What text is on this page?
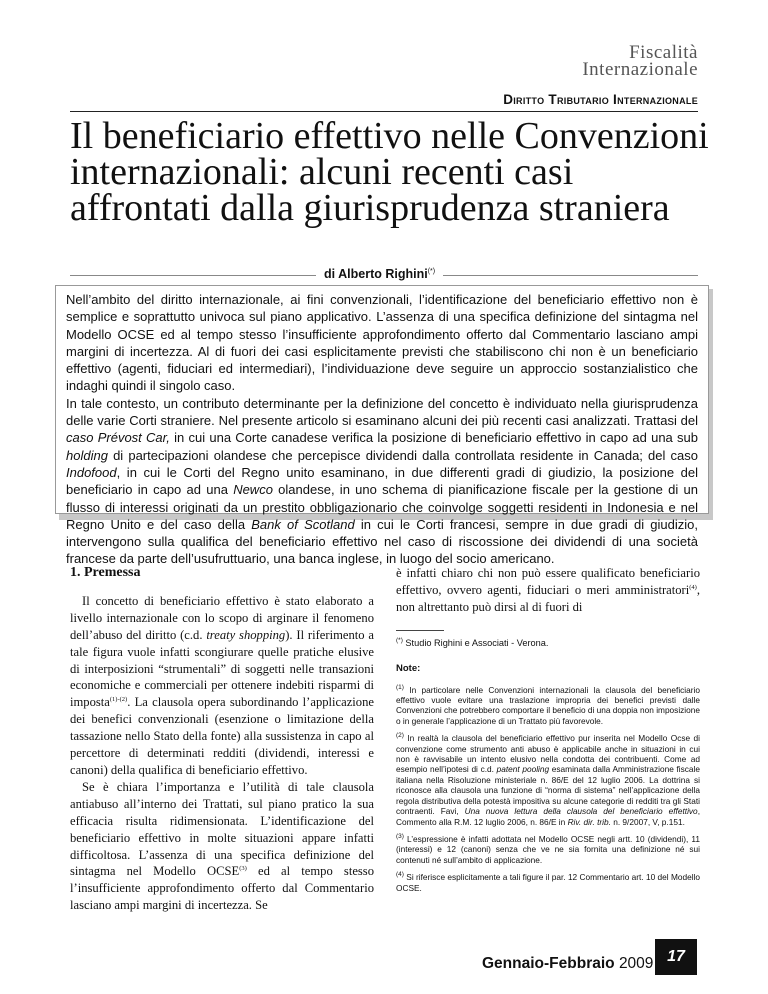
Fiscalità
Internazionale
Diritto Tributario Internazionale
Il beneficiario effettivo nelle Convenzioni internazionali: alcuni recenti casi affrontati dalla giurisprudenza straniera
di Alberto Righini(*)

Nell’ambito del diritto internazionale, ai fini convenzionali, l’identificazione del beneficiario effettivo non è semplice e soprattutto univoca sul piano applicativo. L’assenza di una specifica definizione del sintagma nel Modello OCSE ed al tempo stesso l’insufficiente approfondimento offerto dal Commentario lasciano ampi margini di incertezza. Al di fuori dei casi esplicitamente previsti che stabiliscono chi non è un beneficiario effettivo (agenti, fiduciari ed intermediari), l’individuazione deve seguire un approccio sostanzialistico che indaghi quindi il singolo caso.

In tale contesto, un contributo determinante per la definizione del concetto è individuato nella giurisprudenza delle varie Corti straniere. Nel presente articolo si esaminano alcuni dei più recenti casi analizzati. Trattasi del caso Prévost Car, in cui una Corte canadese verifica la posizione di beneficiario effettivo in capo ad una sub holding di partecipazioni olandese che percepisce dividendi dalla controllata residente in Canada; del caso Indofood, in cui le Corti del Regno unito esaminano, in due differenti gradi di giudizio, la posizione del beneficiario in capo ad una Newco olandese, in uno schema di pianificazione fiscale per la gestione di un flusso di interessi originati da un prestito obbligazionario che coinvolge soggetti residenti in Indonesia e nel Regno Unito e del caso della Bank of Scotland in cui le Corti francesi, sempre in due gradi di giudizio, intervengono sulla qualifica del beneficiario effettivo nel caso di riscossione dei dividendi di una società francese da parte dell’usufruttuario, una banca inglese, in luogo del socio americano.

1. Premessa

Il concetto di beneficiario effettivo è stato elaborato a livello internazionale con lo scopo di arginare il fenomeno dell’abuso del diritto (c.d. treaty shopping). Il riferimento a tale figura vuole infatti scongiurare quelle pratiche elusive di interposizioni “strumentali” di soggetti nelle transazioni economiche e commerciali per ottenere indebiti risparmi di imposta$^{(1)-(2)}$. La clausola opera subordinando l’applicazione dei benefici convenzionali (esenzione o limitazione della tassazione nello Stato della fonte) alla sussistenza in capo al percettore di determinati redditi (dividendi, interessi e canoni) della qualifica di beneficiario effettivo.

Se è chiara l’importanza e l’utilità di tale clausola antiabuso all’interno dei Trattati, sul piano pratico la sua efficacia risulta ridimensionata. L’identificazione del beneficiario effettivo in molte situazioni appare infatti difficoltosa. L’assenza di una specifica definizione del sintagma nel Modello OCSE$^{(3)}$ ed al tempo stesso l’insufficiente approfondimento offerto dal Commentario lasciano ampi margini di incertezza. Se

è infatti chiaro chi non può essere qualificato beneficiario effettivo, ovvero agenti, fiduciari o meri amministratori$^{(4)}$, non altrettanto può dirsi al di fuori di

(*) Studio Righini e Associati - Verona.
Note:
$^{(1)}$ In particolare nelle Convenzioni internazionali la clausola del beneficiario effettivo vuole evitare una traslazione impropria dei benefici previsti dalle Convenzioni che potrebbero comportare il beneficio di una doppia non imposizione o in generale l’applicazione di un Trattato più favorevole.
$^{(2)}$ In realtà la clausola del beneficiario effettivo pur inserita nel Modello Ocse di convenzione come strumento anti abuso è applicabile anche in situazioni in cui non è ravvisabile un intento elusivo nella condotta dei contribuenti. Come ad esempio nell’ipotesi di c.d. patent pooling esaminata dalla Amministrazione fiscale italiana nella Risoluzione ministeriale n. 86/E del 12 luglio 2006. La dottrina si riconosce alla clausola una funzione di “norma di sistema” nell’applicazione della regola distributiva della potestà impositiva su alcune categorie di redditi tra gli Stati contraenti. Favi, Una nuova lettura della clausola del beneficiario effettivo, Commento alla R.M. 12 luglio 2006, n. 86/E in Riv. dir. trib. n. 9/2007, V, p.151.
$^{(3)}$ L’espressione è infatti adottata nel Modello OCSE negli artt. 10 (dividendi), 11 (interessi) e 12 (canoni) senza che ve ne sia fornita una definizione né sui contenuti né sull’ambito di applicazione.
$^{(4)}$ Si riferisce esplicitamente a tali figure il par. 12 Commentario art. 10 del Modello OCSE.
Gennaio-Febbraio 2009 17
